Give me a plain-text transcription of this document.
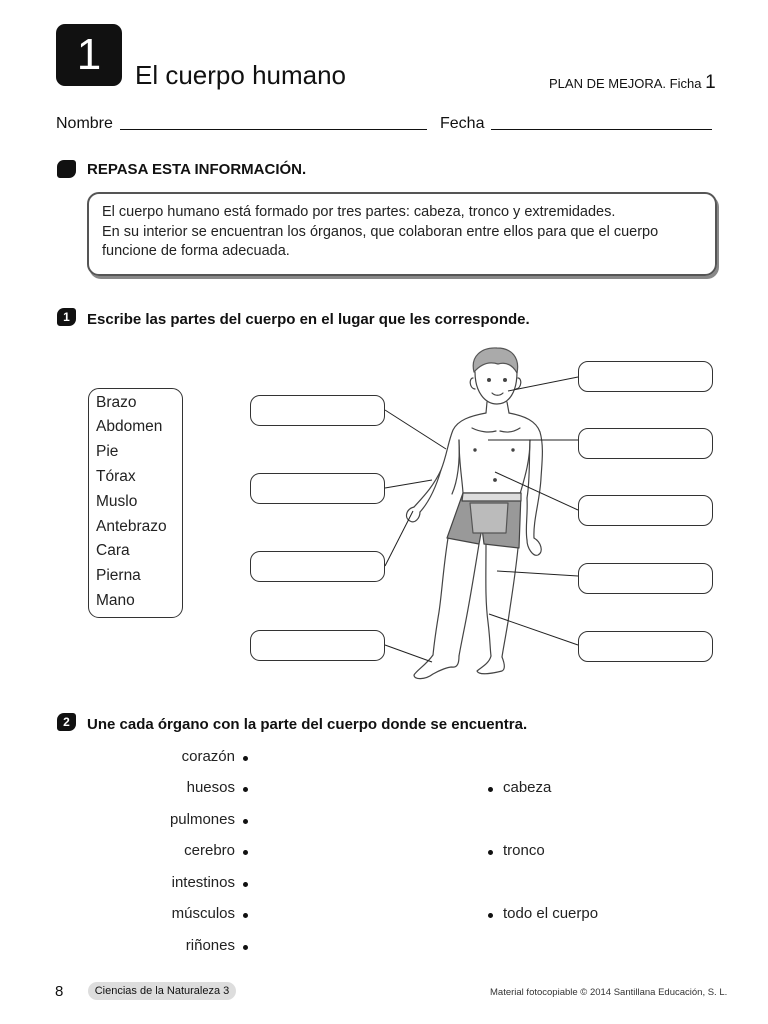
1	El cuerpo humano	PLAN DE MEJORA. Ficha 1
Nombre	Fecha
REPASA ESTA INFORMACIÓN.
El cuerpo humano está formado por tres partes: cabeza, tronco y extremidades.
En su interior se encuentran los órganos, que colaboran entre ellos para que el cuerpo
funcione de forma adecuada.
1	Escribe las partes del cuerpo en el lugar que les corresponde.
Brazo
Abdomen
Pie
Tórax
Muslo
Antebrazo
Cara
Pierna
Mano
2	Une cada órgano con la parte del cuerpo donde se encuentra.
corazón
huesos
pulmones
cerebro
intestinos
músculos
riñones
cabeza
tronco
todo el cuerpo
8	Ciencias de la Naturaleza 3	Material fotocopiable © 2014 Santillana Educación, S. L.
